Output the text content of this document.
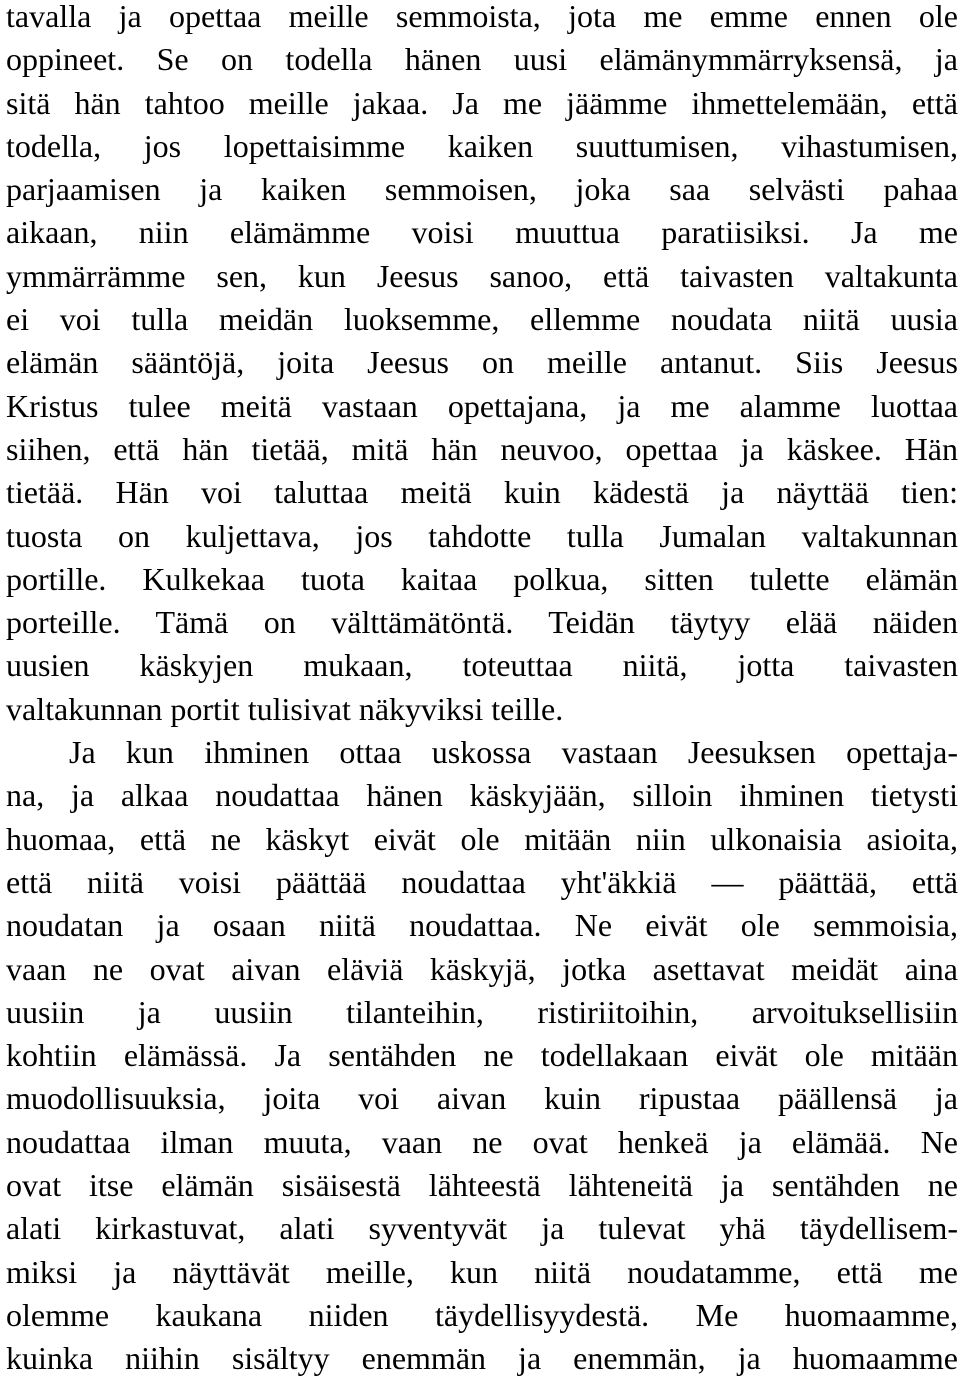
tavalla ja opettaa meille semmoista, jota me emme ennen ole
oppineet. Se on todella hänen uusi elämänymmärryksensä, ja
sitä hän tahtoo meille jakaa. Ja me jäämme ihmettelemään, että
todella, jos lopettaisimme kaiken suuttumisen, vihastumisen,
parjaamisen ja kaiken semmoisen, joka saa selvästi pahaa
aikaan, niin elämämme voisi muuttua paratiisiksi. Ja me
ymmärrämme sen, kun Jeesus sanoo, että taivasten valtakunta
ei voi tulla meidän luoksemme, ellemme noudata niitä uusia
elämän sääntöjä, joita Jeesus on meille antanut. Siis Jeesus
Kristus tulee meitä vastaan opettajana, ja me alamme luottaa
siihen, että hän tietää, mitä hän neuvoo, opettaa ja käskee. Hän
tietää. Hän voi taluttaa meitä kuin kädestä ja näyttää tien:
tuosta on kuljettava, jos tahdotte tulla Jumalan valtakunnan
portille. Kulkekaa tuota kaitaa polkua, sitten tulette elämän
porteille. Tämä on välttämätöntä. Teidän täytyy elää näiden
uusien käskyjen mukaan, toteuttaa niitä, jotta taivasten
valtakunnan portit tulisivat näkyviksi teille.
Ja kun ihminen ottaa uskossa vastaan Jeesuksen opettaja-
na, ja alkaa noudattaa hänen käskyjään, silloin ihminen tietysti
huomaa, että ne käskyt eivät ole mitään niin ulkonaisia asioita,
että niitä voisi päättää noudattaa yht'äkkiä — päättää, että
noudatan ja osaan niitä noudattaa. Ne eivät ole semmoisia,
vaan ne ovat aivan eläviä käskyjä, jotka asettavat meidät aina
uusiin ja uusiin tilanteihin, ristiriitoihin, arvoituksellisiin
kohtiin elämässä. Ja sentähden ne todellakaan eivät ole mitään
muodollisuuksia, joita voi aivan kuin ripustaa päällensä ja
noudattaa ilman muuta, vaan ne ovat henkeä ja elämää. Ne
ovat itse elämän sisäisestä lähteestä lähteneitä ja sentähden ne
alati kirkastuvat, alati syventyvät ja tulevat yhä täydellisem-
miksi ja näyttävät meille, kun niitä noudatamme, että me
olemme kaukana niiden täydellisyydestä. Me huomaamme,
kuinka niihin sisältyy enemmän ja enemmän, ja huomaamme
